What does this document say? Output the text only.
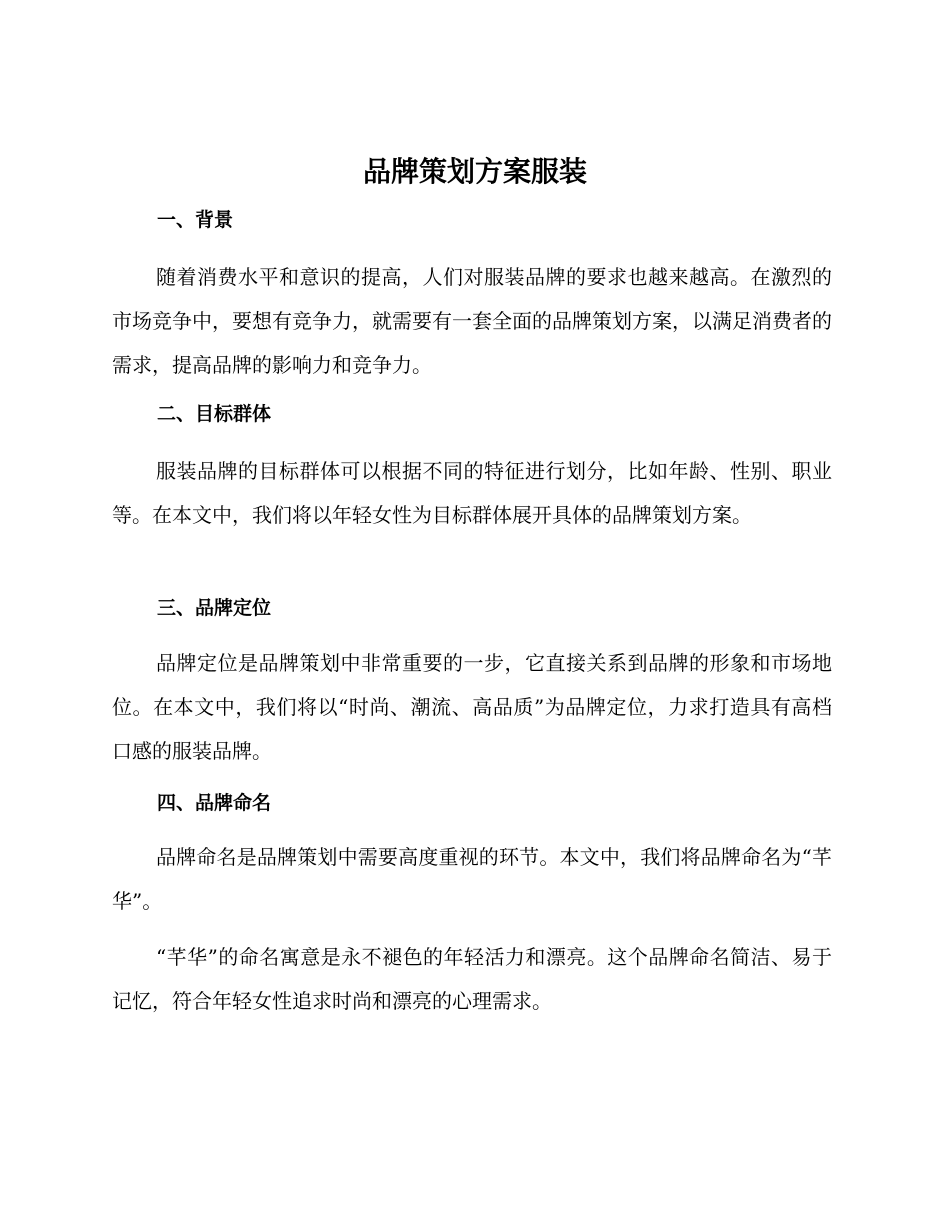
品牌策划方案服装
一、背景
随着消费水平和意识的提高，人们对服装品牌的要求也越来越高。在激烈的市场竞争中，要想有竞争力，就需要有一套全面的品牌策划方案，以满足消费者的需求，提高品牌的影响力和竞争力。
二、目标群体
服装品牌的目标群体可以根据不同的特征进行划分，比如年龄、性别、职业等。在本文中，我们将以年轻女性为目标群体展开具体的品牌策划方案。
三、品牌定位
品牌定位是品牌策划中非常重要的一步，它直接关系到品牌的形象和市场地位。在本文中，我们将以“时尚、潮流、高品质”为品牌定位，力求打造具有高档口感的服装品牌。
四、品牌命名
品牌命名是品牌策划中需要高度重视的环节。本文中，我们将品牌命名为“芊华”。
“芊华”的命名寓意是永不褪色的年轻活力和漂亮。这个品牌命名简洁、易于记忆，符合年轻女性追求时尚和漂亮的心理需求。
